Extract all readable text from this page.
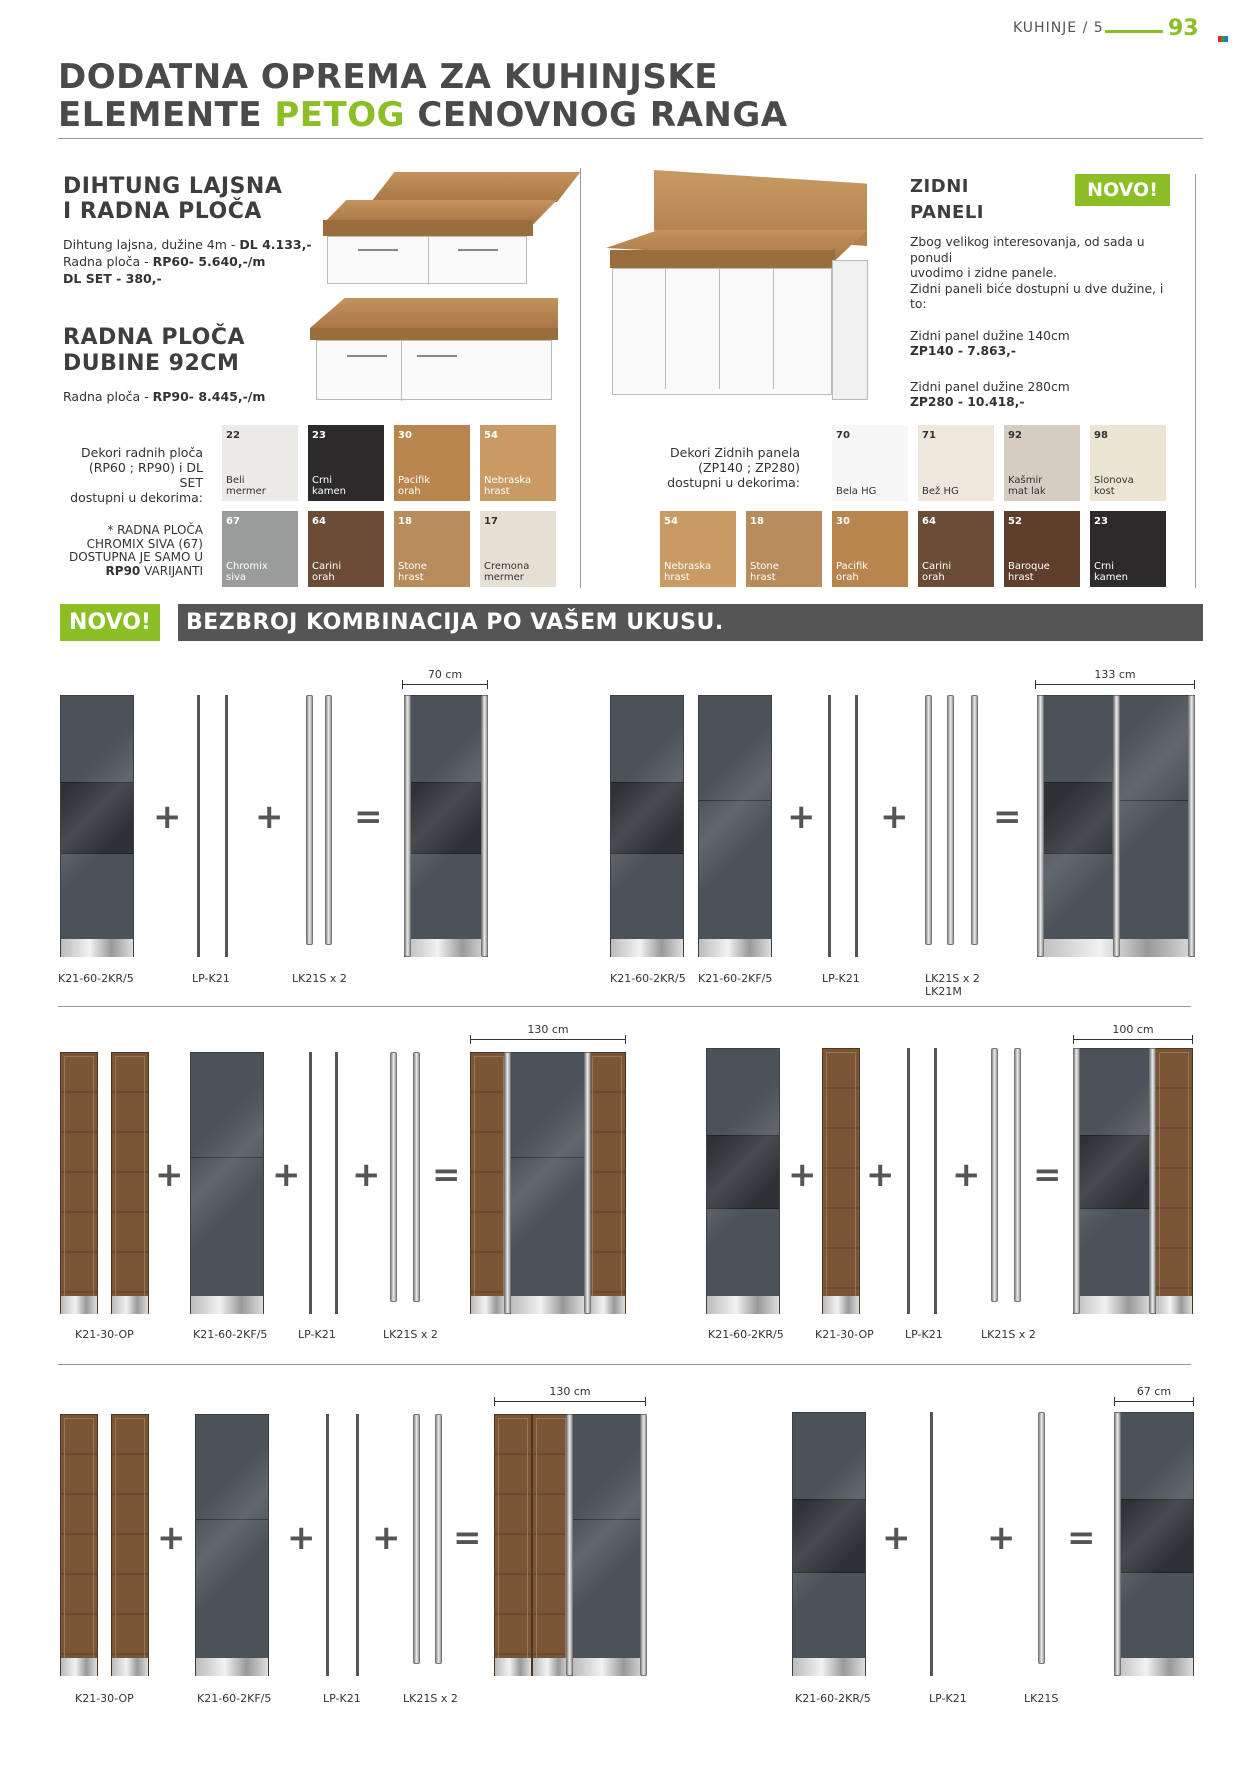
KUHINJE / 5	93
DODATNA OPREMA ZA KUHINJSKE
ELEMENTE PETOG CENOVNOG RANGA
DIHTUNG LAJSNA
I RADNA PLOČA
Dihtung lajsna, dužine 4m - DL 4.133,-
Radna ploča - RP60- 5.640,-/m
DL SET - 380,-
RADNA PLOČA
DUBINE 92CM
Radna ploča - RP90- 8.445,-/m
Dekori radnih ploča
(RP60 ; RP90) i DL SET
dostupni u dekorima:
* RADNA PLOČA
CHROMIX SIVA (67)
DOSTUPNA JE SAMO U
RP90 VARIJANTI
22
Beli
mermer
23
Crni
kamen
30
Pacifik
orah
54
Nebraska
hrast
67
Chromix
siva
64
Carini
orah
18
Stone
hrast
17
Cremona
mermer
ZIDNI
PANELI
NOVO!
Zbog velikog interesovanja, od sada u ponudi
uvodimo i zidne panele.
Zidni paneli biće dostupni u dve dužine, i to:
Zidni panel dužine 140cm
ZP140 - 7.863,-
Zidni panel dužine 280cm
ZP280 - 10.418,-
Dekori Zidnih panela
(ZP140 ; ZP280)
dostupni u dekorima:
70
Bela HG
71
Bež HG
92
Kašmir
mat lak
98
Slonova
kost
54
Nebraska
hrast
18
Stone
hrast
30
Pacifik
orah
64
Carini
orah
52
Baroque
hrast
23
Crni
kamen
NOVO!	BEZBROJ KOMBINACIJA PO VAŠEM UKUSU.
+ + =
70 cm
K21-60-2KR/5	LP-K21	LK21S x 2
+ + =
133 cm
K21-60-2KR/5 K21-60-2KF/5	LP-K21	LK21S x 2
LK21M
+	+ + =
130 cm
K21-30-OP	K21-60-2KF/5	LP-K21	LK21S x 2
+ + + =
100 cm
K21-60-2KR/5	K21-30-OP	LP-K21	LK21S x 2
+	+ + =
130 cm
K21-30-OP	K21-60-2KF/5	LP-K21	LK21S x 2
+ + =
67 cm
K21-60-2KR/5	LP-K21	LK21S
